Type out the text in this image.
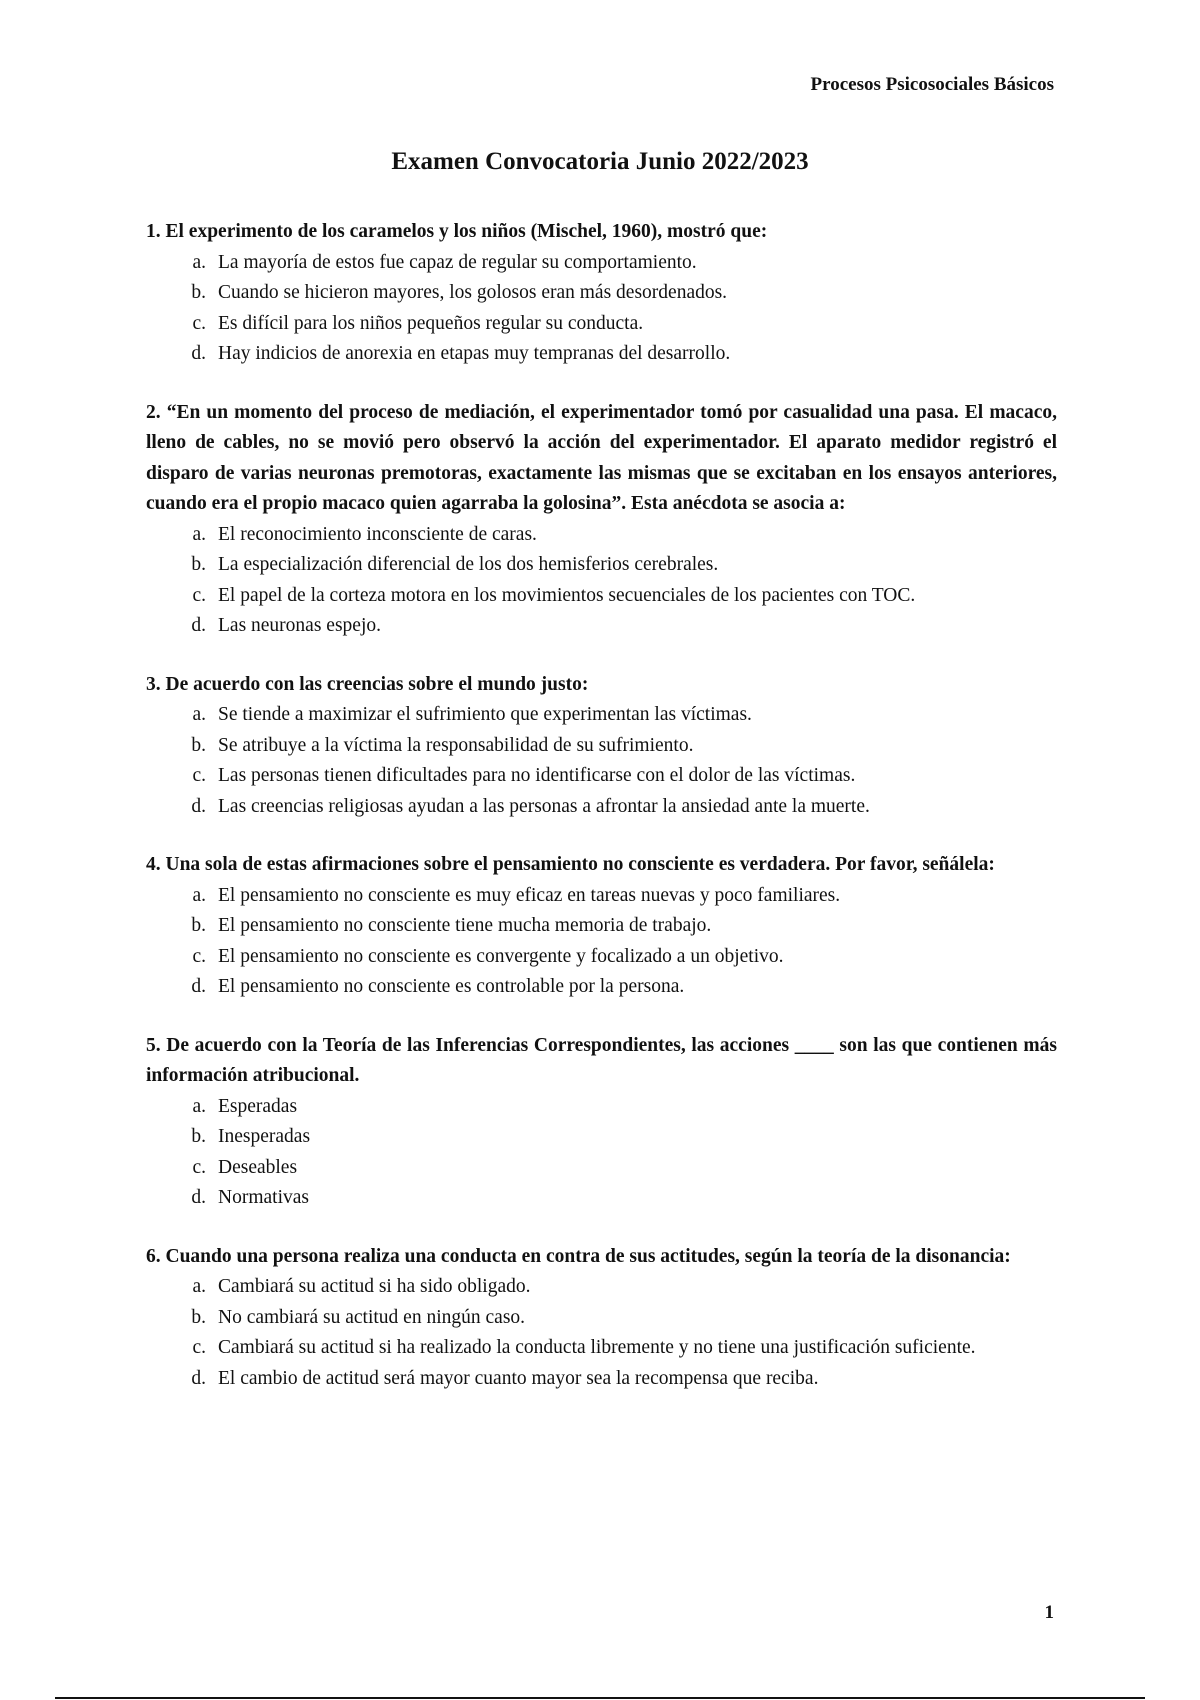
Procesos Psicosociales Básicos
Examen Convocatoria Junio 2022/2023
1. El experimento de los caramelos y los niños (Mischel, 1960), mostró que:
a. La mayoría de estos fue capaz de regular su comportamiento.
b. Cuando se hicieron mayores, los golosos eran más desordenados.
c. Es difícil para los niños pequeños regular su conducta.
d. Hay indicios de anorexia en etapas muy tempranas del desarrollo.
2. “En un momento del proceso de mediación, el experimentador tomó por casualidad una pasa. El macaco, lleno de cables, no se movió pero observó la acción del experimentador. El aparato medidor registró el disparo de varias neuronas premotoras, exactamente las mismas que se excitaban en los ensayos anteriores, cuando era el propio macaco quien agarraba la golosina”. Esta anécdota se asocia a:
a. El reconocimiento inconsciente de caras.
b. La especialización diferencial de los dos hemisferios cerebrales.
c. El papel de la corteza motora en los movimientos secuenciales de los pacientes con TOC.
d. Las neuronas espejo.
3. De acuerdo con las creencias sobre el mundo justo:
a. Se tiende a maximizar el sufrimiento que experimentan las víctimas.
b. Se atribuye a la víctima la responsabilidad de su sufrimiento.
c. Las personas tienen dificultades para no identificarse con el dolor de las víctimas.
d. Las creencias religiosas ayudan a las personas a afrontar la ansiedad ante la muerte.
4. Una sola de estas afirmaciones sobre el pensamiento no consciente es verdadera. Por favor, señálela:
a. El pensamiento no consciente es muy eficaz en tareas nuevas y poco familiares.
b. El pensamiento no consciente tiene mucha memoria de trabajo.
c. El pensamiento no consciente es convergente y focalizado a un objetivo.
d. El pensamiento no consciente es controlable por la persona.
5. De acuerdo con la Teoría de las Inferencias Correspondientes, las acciones ____ son las que contienen más información atribucional.
a. Esperadas
b. Inesperadas
c. Deseables
d. Normativas
6. Cuando una persona realiza una conducta en contra de sus actitudes, según la teoría de la disonancia:
a. Cambiará su actitud si ha sido obligado.
b. No cambiará su actitud en ningún caso.
c. Cambiará su actitud si ha realizado la conducta libremente y no tiene una justificación suficiente.
d. El cambio de actitud será mayor cuanto mayor sea la recompensa que reciba.
1
